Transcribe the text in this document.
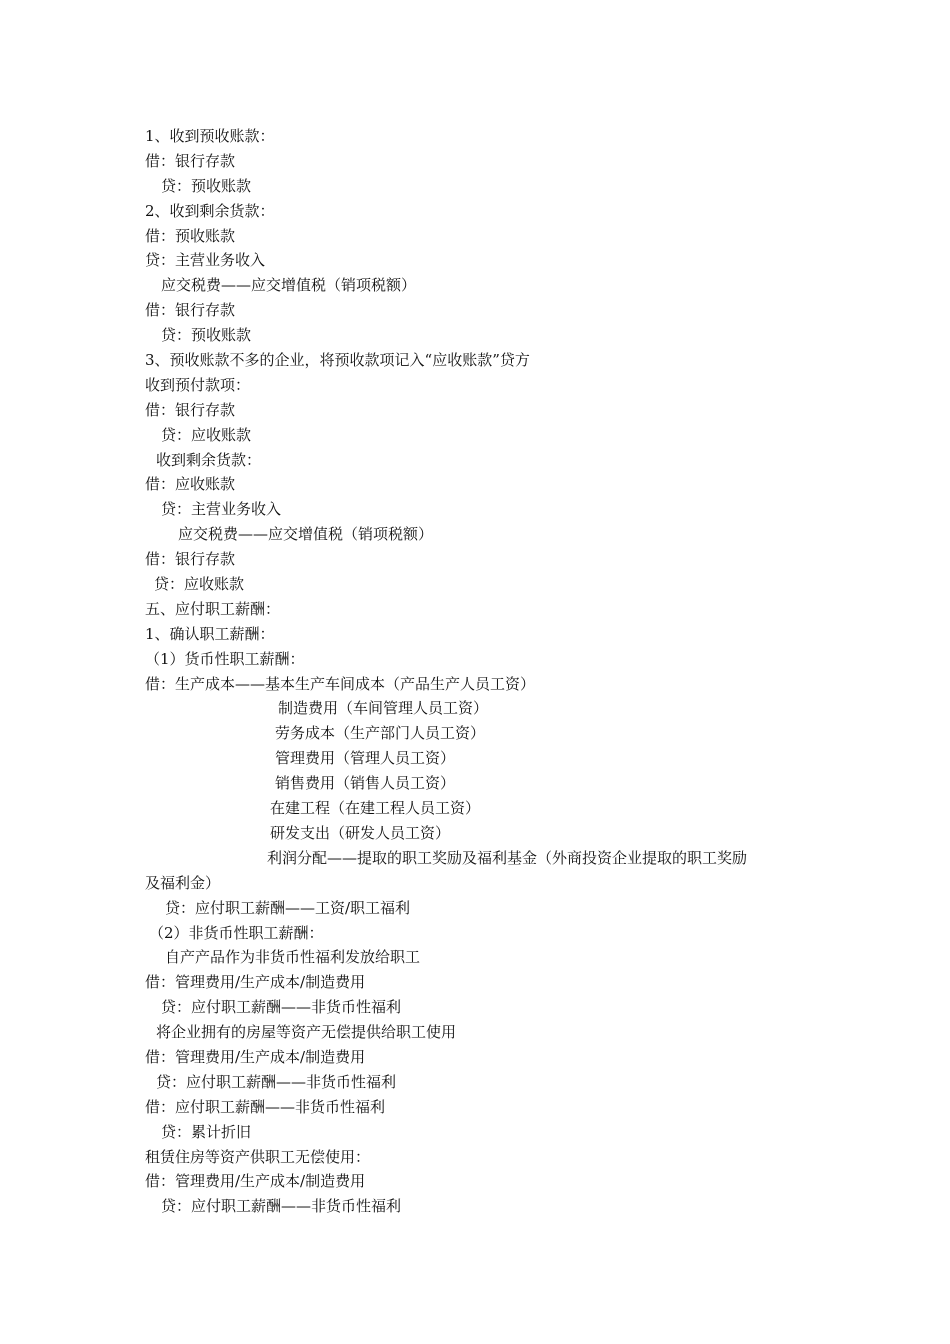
1、收到预收账款：
借：银行存款
贷：预收账款
2、收到剩余货款：
借：预收账款
贷：主营业务收入
应交税费——应交增值税（销项税额）
借：银行存款
贷：预收账款
3、预收账款不多的企业，将预收款项记入“应收账款”贷方
收到预付款项：
借：银行存款
贷：应收账款
收到剩余货款：
借：应收账款
贷：主营业务收入
应交税费——应交增值税（销项税额）
借：银行存款
贷：应收账款
五、应付职工薪酬：
1、确认职工薪酬：
（1）货币性职工薪酬：
借：生产成本——基本生产车间成本（产品生产人员工资）
制造费用（车间管理人员工资）
劳务成本（生产部门人员工资）
管理费用（管理人员工资）
销售费用（销售人员工资）
在建工程（在建工程人员工资）
研发支出（研发人员工资）
利润分配——提取的职工奖励及福利基金（外商投资企业提取的职工奖励
及福利金）
贷：应付职工薪酬——工资/职工福利
（2）非货币性职工薪酬：
自产产品作为非货币性福利发放给职工
借：管理费用/生产成本/制造费用
贷：应付职工薪酬——非货币性福利
将企业拥有的房屋等资产无偿提供给职工使用
借：管理费用/生产成本/制造费用
贷：应付职工薪酬——非货币性福利
借：应付职工薪酬——非货币性福利
贷：累计折旧
租赁住房等资产供职工无偿使用：
借：管理费用/生产成本/制造费用
贷：应付职工薪酬——非货币性福利
